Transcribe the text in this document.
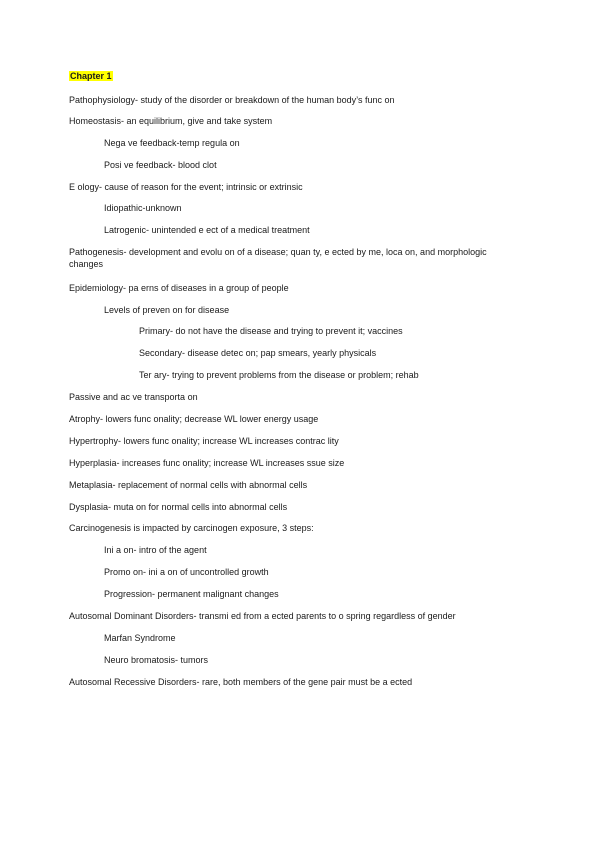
Chapter 1
Pathophysiology- study of the disorder or breakdown of the human body’s func on
Homeostasis- an equilibrium, give and take system
Nega ve feedback-temp regula on
Posi ve feedback- blood clot
E ology- cause of reason for the event; intrinsic or extrinsic
Idiopathic-unknown
Latrogenic- unintended e ect of a medical treatment
Pathogenesis- development and evolu on of a disease; quan ty, e ected by me, loca on, and morphologic changes
Epidemiology- pa erns of diseases in a group of people
Levels of preven on for disease
Primary- do not have the disease and trying to prevent it; vaccines
Secondary- disease detec on; pap smears, yearly physicals
Ter ary- trying to prevent problems from the disease or problem; rehab
Passive and ac ve transporta on
Atrophy- lowers func onality; decrease WL lower energy usage
Hypertrophy- lowers func onality; increase WL increases contrac lity
Hyperplasia- increases func onality; increase WL increases ssue size
Metaplasia- replacement of normal cells with abnormal cells
Dysplasia- muta on for normal cells into abnormal cells
Carcinogenesis is impacted by carcinogen exposure, 3 steps:
Ini a on- intro of the agent
Promo on- ini a on of uncontrolled growth
Progression- permanent malignant changes
Autosomal Dominant Disorders- transmi ed from a ected parents to o spring regardless of gender
Marfan Syndrome
Neuro bromatosis- tumors
Autosomal Recessive Disorders- rare, both members of the gene pair must be a ected
